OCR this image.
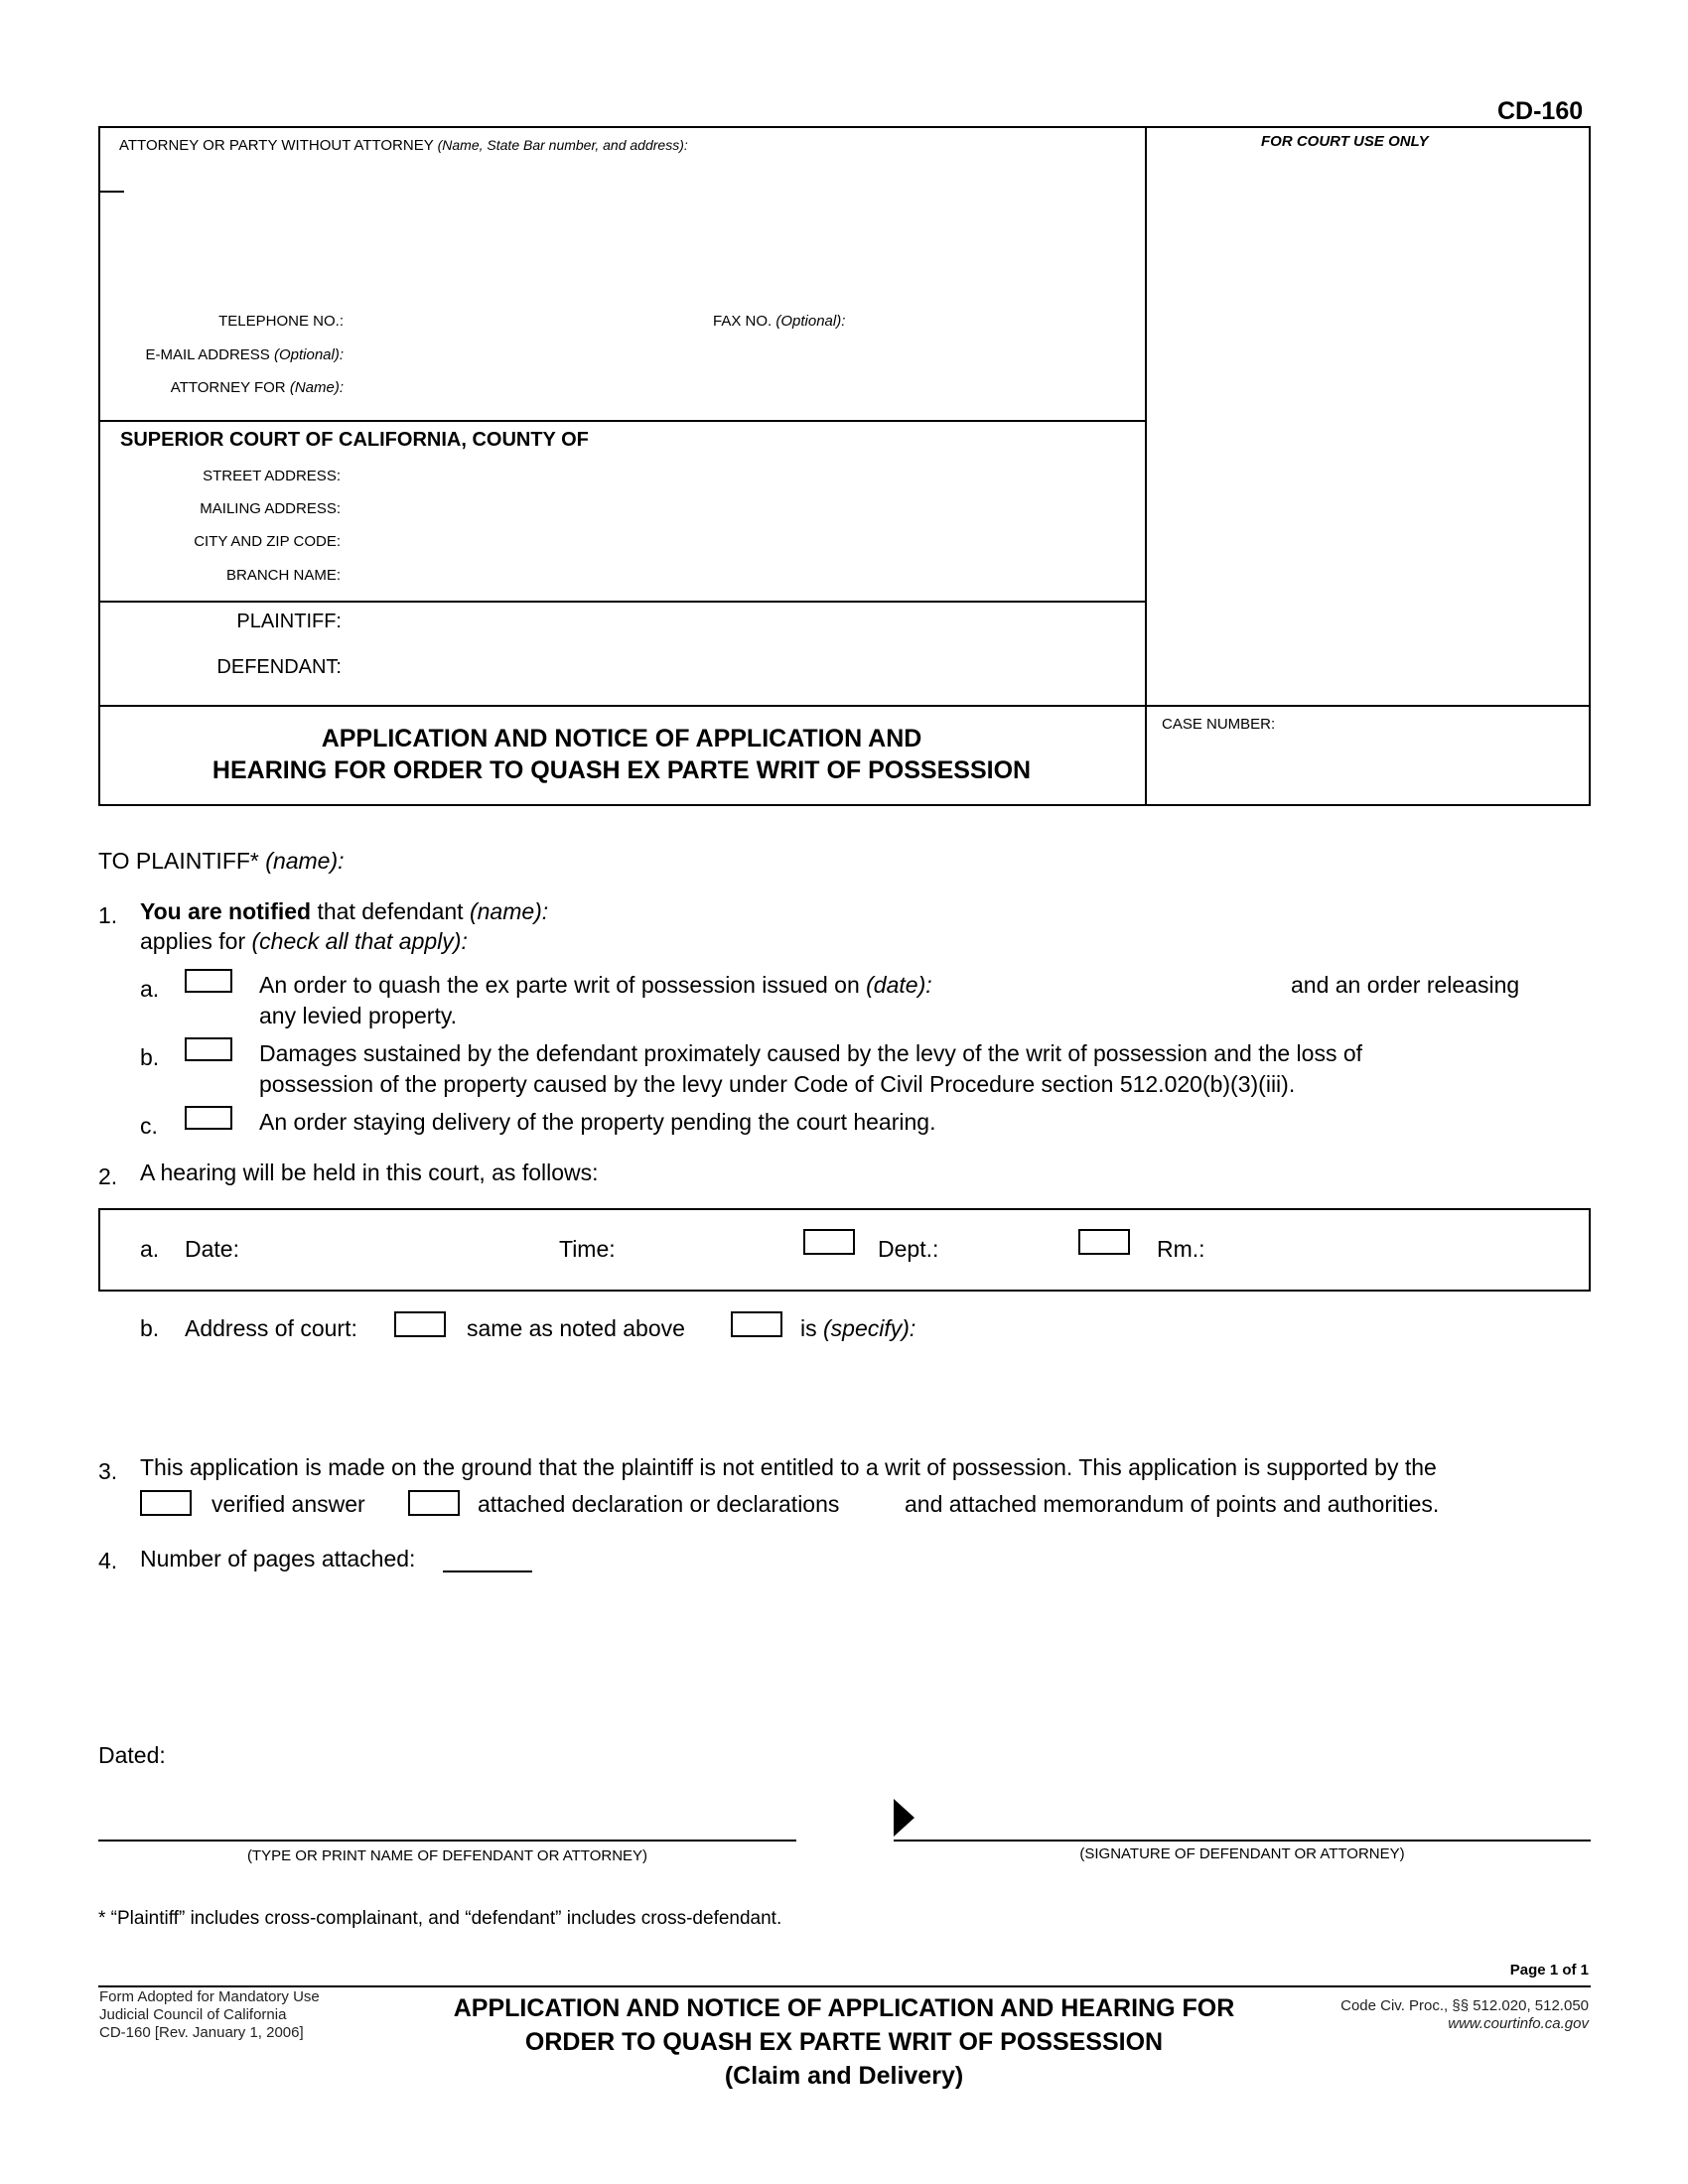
CD-160
ATTORNEY OR PARTY WITHOUT ATTORNEY (Name, State Bar number, and address):	FOR COURT USE ONLY
TELEPHONE NO.:	FAX NO. (Optional):
E-MAIL ADDRESS (Optional):
ATTORNEY FOR (Name):
SUPERIOR COURT OF CALIFORNIA, COUNTY OF
STREET ADDRESS:
MAILING ADDRESS:
CITY AND ZIP CODE:
BRANCH NAME:
PLAINTIFF:
DEFENDANT:
APPLICATION AND NOTICE OF APPLICATION AND
HEARING FOR ORDER TO QUASH EX PARTE WRIT OF POSSESSION
CASE NUMBER:
TO PLAINTIFF* (name):
1. You are notified that defendant (name):
applies for (check all that apply):
a.	An order to quash the ex parte writ of possession issued on (date):	and an order releasing
any levied property.
b.	Damages sustained by the defendant proximately caused by the levy of the writ of possession and the loss of
possession of the property caused by the levy under Code of Civil Procedure section 512.020(b)(3)(iii).
c.	An order staying delivery of the property pending the court hearing.
2. A hearing will be held in this court, as follows:
a. Date:	Time:	Dept.:	Rm.:
b. Address of court:	same as noted above	is (specify):
3. This application is made on the ground that the plaintiff is not entitled to a writ of possession. This application is supported by the
verified answer	attached declaration or declarations	and attached memorandum of points and authorities.
4. Number of pages attached:
Dated:
(TYPE OR PRINT NAME OF DEFENDANT OR ATTORNEY)	(SIGNATURE OF DEFENDANT OR ATTORNEY)
* “Plaintiff” includes cross-complainant, and “defendant” includes cross-defendant.
Page 1 of 1
Form Adopted for Mandatory Use
Judicial Council of California
CD-160 [Rev. January 1, 2006]
APPLICATION AND NOTICE OF APPLICATION AND HEARING FOR
ORDER TO QUASH EX PARTE WRIT OF POSSESSION
(Claim and Delivery)
Code Civ. Proc., §§ 512.020, 512.050
www.courtinfo.ca.gov
